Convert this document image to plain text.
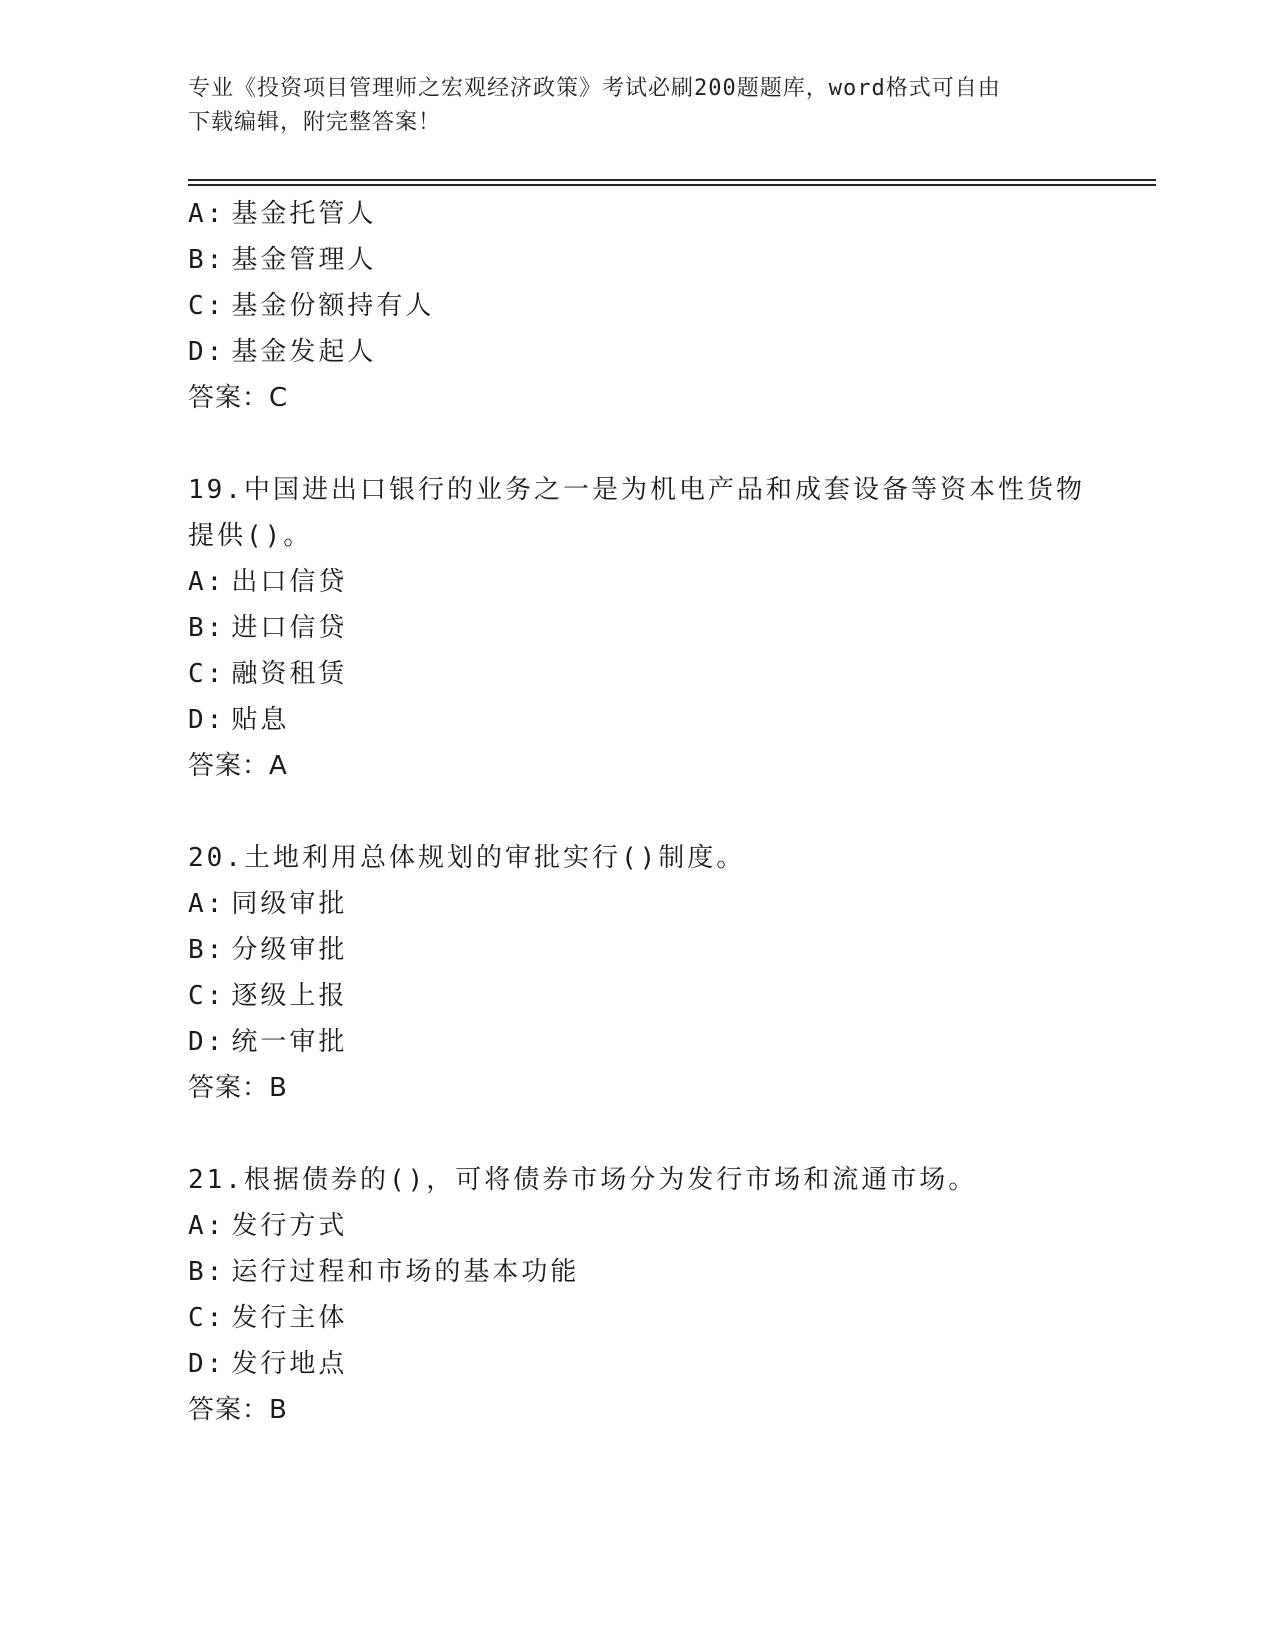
专业《投资项目管理师之宏观经济政策》考试必刷200题题库，word格式可自由
下载编辑，附完整答案！
A: 基金托管人
B: 基金管理人
C: 基金份额持有人
D: 基金发起人
答案：C
19.中国进出口银行的业务之一是为机电产品和成套设备等资本性货物
提供()。
A: 出口信贷
B: 进口信贷
C: 融资租赁
D: 贴息
答案：A
20.土地利用总体规划的审批实行()制度。
A: 同级审批
B: 分级审批
C: 逐级上报
D: 统一审批
答案：B
21.根据债券的()，可将债券市场分为发行市场和流通市场。
A: 发行方式
B: 运行过程和市场的基本功能
C: 发行主体
D: 发行地点
答案：B
